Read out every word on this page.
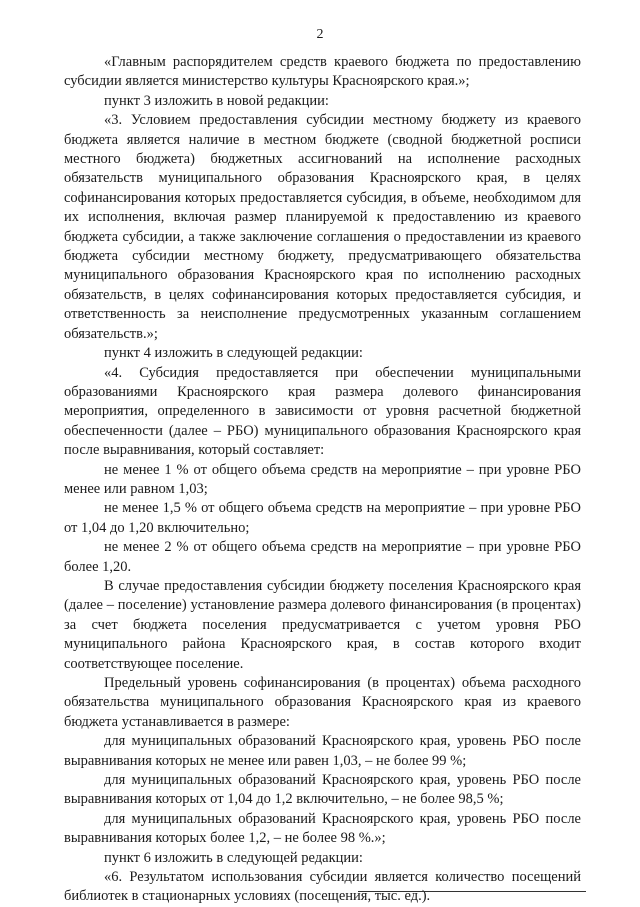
2

«Главным распорядителем средств краевого бюджета по предоставлению субсидии является министерство культуры Красноярского края.»;

пункт 3 изложить в новой редакции:

«3. Условием предоставления субсидии местному бюджету из краевого бюджета является наличие в местном бюджете (сводной бюджетной росписи местного бюджета) бюджетных ассигнований на исполнение расходных обязательств муниципального образования Красноярского края, в целях софинансирования которых предоставляется субсидия, в объеме, необходимом для их исполнения, включая размер планируемой к предоставлению из краевого бюджета субсидии, а также заключение соглашения о предоставлении из краевого бюджета субсидии местному бюджету, предусматривающего обязательства муниципального образования Красноярского края по исполнению расходных обязательств, в целях софинансирования которых предоставляется субсидия, и ответственность за неисполнение предусмотренных указанным соглашением обязательств.»;

пункт 4 изложить в следующей редакции:

«4. Субсидия предоставляется при обеспечении муниципальными образованиями Красноярского края размера долевого финансирования мероприятия, определенного в зависимости от уровня расчетной бюджетной обеспеченности (далее – РБО) муниципального образования Красноярского края после выравнивания, который составляет:

не менее 1 % от общего объема средств на мероприятие – при уровне РБО менее или равном 1,03;

не менее 1,5 % от общего объема средств на мероприятие – при уровне РБО от 1,04 до 1,20 включительно;

не менее 2 % от общего объема средств на мероприятие – при уровне РБО более 1,20.

В случае предоставления субсидии бюджету поселения Красноярского края (далее – поселение) установление размера долевого финансирования (в процентах) за счет бюджета поселения предусматривается с учетом уровня РБО муниципального района Красноярского края, в состав которого входит соответствующее поселение.

Предельный уровень софинансирования (в процентах) объема расходного обязательства муниципального образования Красноярского края из краевого бюджета устанавливается в размере:

для муниципальных образований Красноярского края, уровень РБО после выравнивания которых не менее или равен 1,03, – не более 99 %;

для муниципальных образований Красноярского края, уровень РБО после выравнивания которых от 1,04 до 1,2 включительно, – не более 98,5 %;

для муниципальных образований Красноярского края, уровень РБО после выравнивания которых более 1,2, – не более 98 %.»;

пункт 6 изложить в следующей редакции:

«6. Результатом использования субсидии является количество посещений библиотек в стационарных условиях (посещения, тыс. ед.).
